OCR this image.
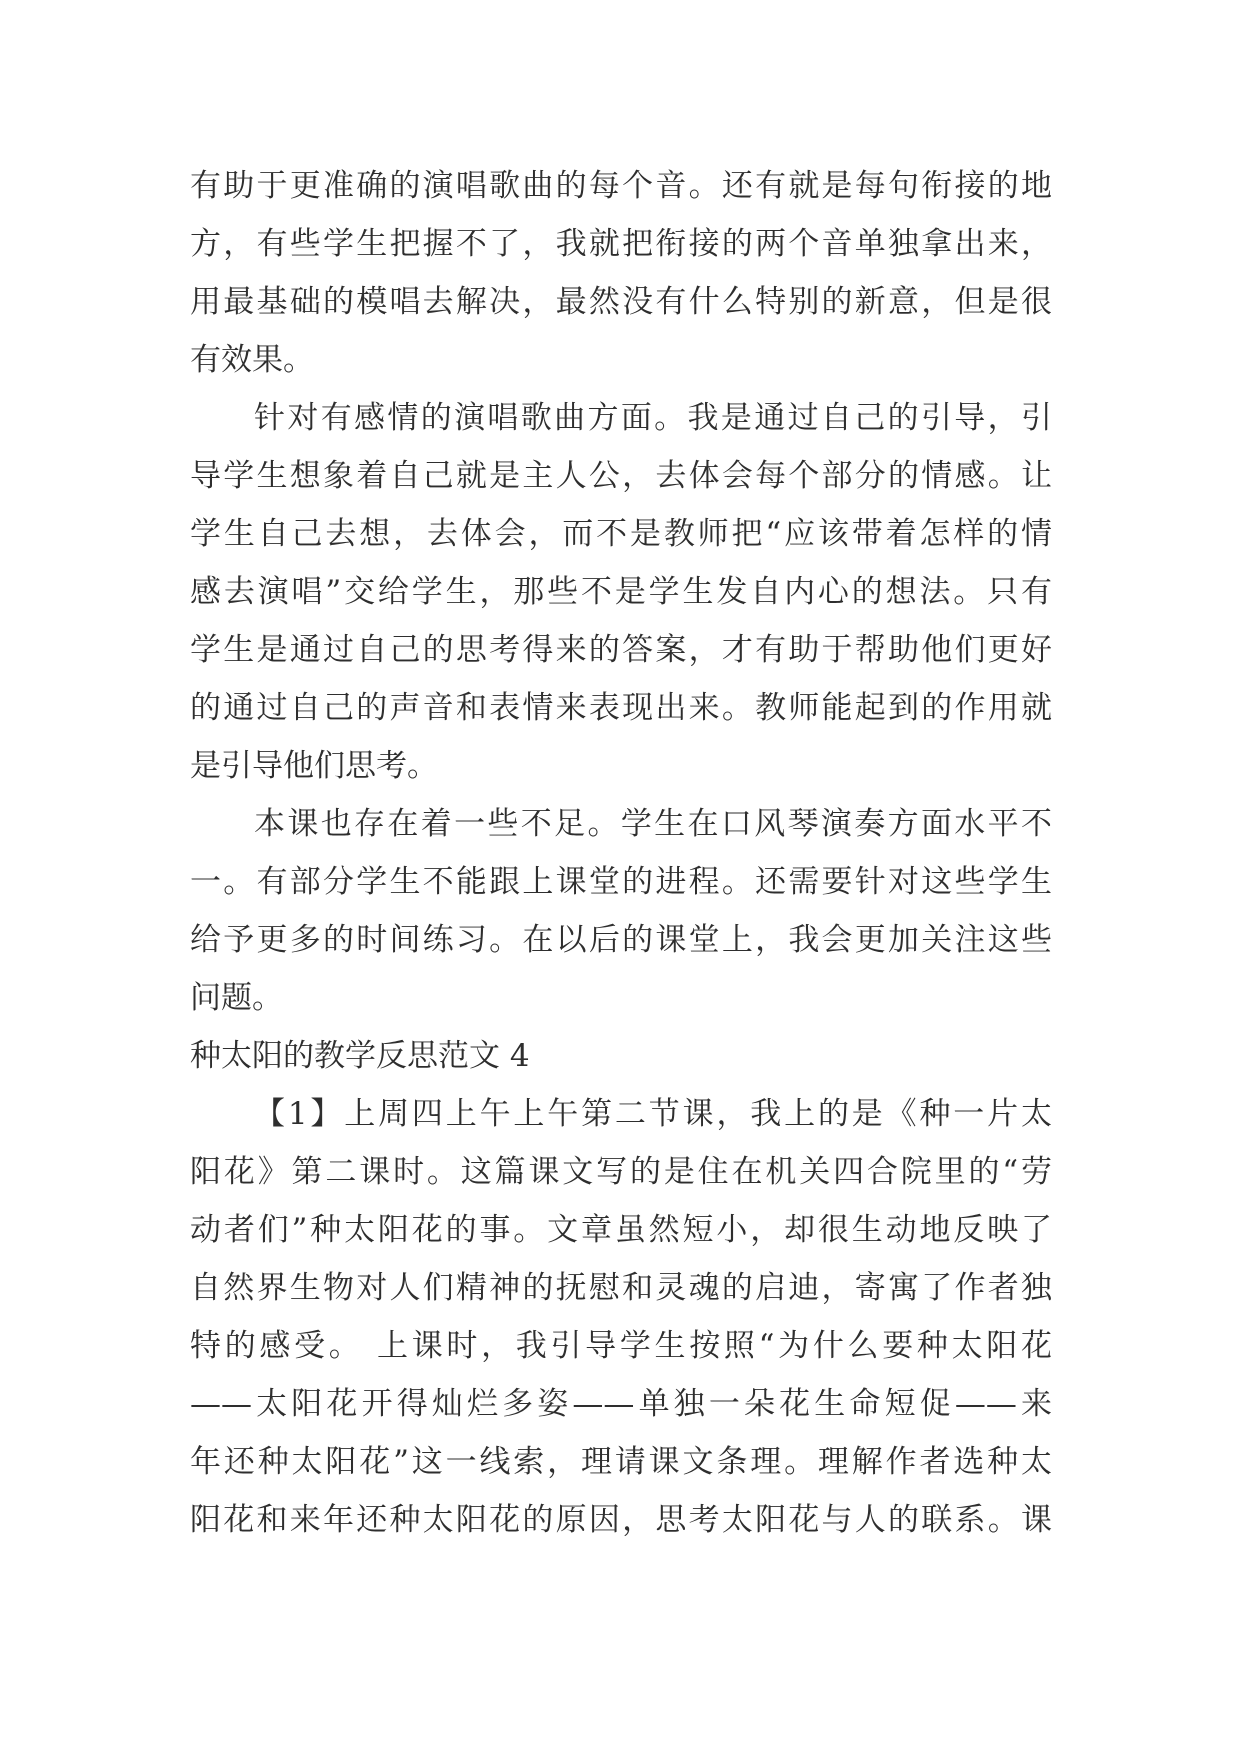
有助于更准确的演唱歌曲的每个音。还有就是每句衔接的地
方，有些学生把握不了，我就把衔接的两个音单独拿出来，
用最基础的模唱去解决，最然没有什么特别的新意，但是很
有效果。
针对有感情的演唱歌曲方面。我是通过自己的引导，引
导学生想象着自己就是主人公，去体会每个部分的情感。让
学生自己去想，去体会，而不是教师把“应该带着怎样的情
感去演唱”交给学生，那些不是学生发自内心的想法。只有
学生是通过自己的思考得来的答案，才有助于帮助他们更好
的通过自己的声音和表情来表现出来。教师能起到的作用就
是引导他们思考。
本课也存在着一些不足。学生在口风琴演奏方面水平不
一。有部分学生不能跟上课堂的进程。还需要针对这些学生
给予更多的时间练习。在以后的课堂上，我会更加关注这些
问题。
种太阳的教学反思范文 4
【1】上周四上午上午第二节课，我上的是《种一片太
阳花》第二课时。这篇课文写的是住在机关四合院里的“劳
动者们”种太阳花的事。文章虽然短小，却很生动地反映了
自然界生物对人们精神的抚慰和灵魂的启迪，寄寓了作者独
特的感受。 上课时，我引导学生按照“为什么要种太阳花
——太阳花开得灿烂多姿——单独一朵花生命短促——来
年还种太阳花”这一线索，理请课文条理。理解作者选种太
阳花和来年还种太阳花的原因，思考太阳花与人的联系。课
